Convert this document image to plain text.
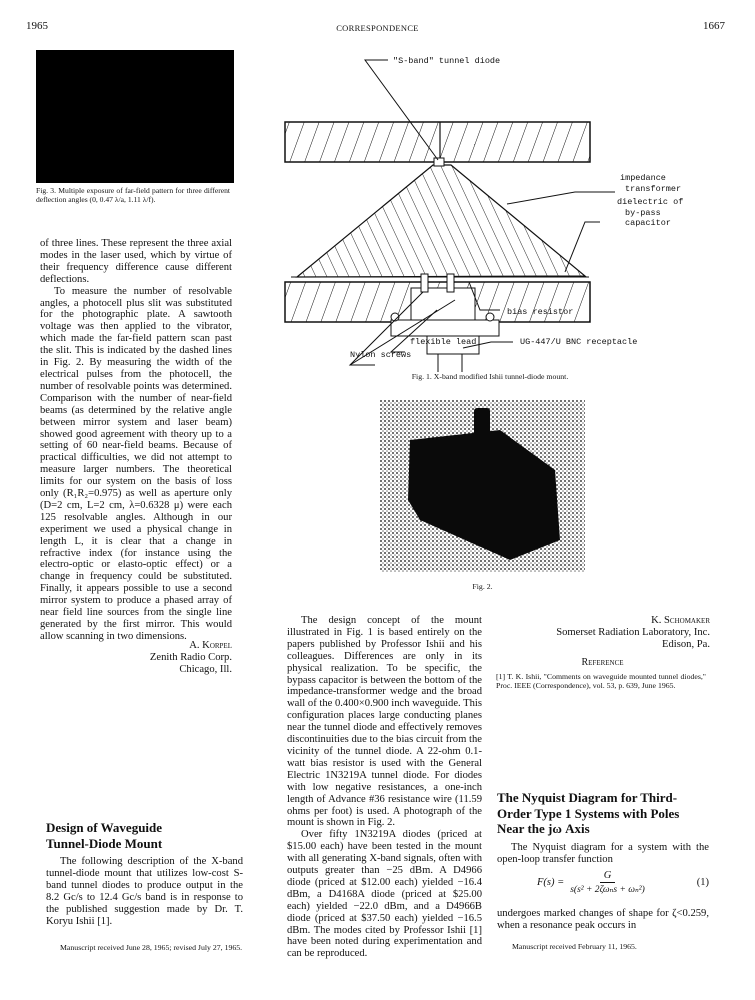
1965	CORRESPONDENCE	1667
Fig. 3. Multiple exposure of far-field pattern for three different deflection angles (0, 0.47 λ/a, 1.11 λ/f).

of three lines. These represent the three axial modes in the laser used, which by virtue of their frequency difference cause different deflections.

To measure the number of resolvable angles, a photocell plus slit was substituted for the photographic plate. A sawtooth voltage was then applied to the vibrator, which made the far-field pattern scan past the slit. This is indicated by the dashed lines in Fig. 2. By measuring the width of the electrical pulses from the photocell, the number of resolvable points was determined. Comparison with the number of near-field beams (as determined by the relative angle between mirror system and laser beam) showed good agreement with theory up to a setting of 60 near-field beams. Because of practical difficulties, we did not attempt to measure larger numbers. The theoretical limits for our system on the basis of loss only (R₁R₂=0.975) as well as aperture only (D=2 cm, L=2 cm, λ=0.6328 μ) were each 125 resolvable angles. Although in our experiment we used a physical change in length L, it is clear that a change in refractive index (for instance using the electro-optic or elasto-optic effect) or a change in frequency could be substituted. Finally, it appears possible to use a second mirror system to produce a phased array of near field line sources from the single line generated by the first mirror. This would allow scanning in two dimensions.

A. Korpel
Zenith Radio Corp.
Chicago, Ill.
Design of Waveguide
Tunnel-Diode Mount

The following description of the X-band tunnel-diode mount that utilizes low-cost S-band tunnel diodes to produce output in the 8.2 Gc/s to 12.4 Gc/s band is in response to the published suggestion made by Dr. T. Koryu Ishii [1].

Manuscript received June 28, 1965; revised July 27, 1965.
"S-band" tunnel diode
impedance
transformer
dielectric of
by-pass
capacitor
bias resistor
flexible lead	UG-447/U BNC receptacle
Nylon screws
Fig. 1. X-band modified Ishii tunnel-diode mount.
Fig. 2.

The design concept of the mount illustrated in Fig. 1 is based entirely on the papers published by Professor Ishii and his colleagues. Differences are only in its physical realization. To be specific, the bypass capacitor is between the bottom of the impedance-transformer wedge and the broad wall of the 0.400×0.900 inch waveguide. This configuration places large conducting planes near the tunnel diode and effectively removes discontinuities due to the bias circuit from the vicinity of the tunnel diode. A 22-ohm 0.1-watt bias resistor is used with the General Electric 1N3219A tunnel diode. For diodes with low negative resistances, a one-inch length of Advance #36 resistance wire (11.59 ohms per foot) is used. A photograph of the mount is shown in Fig. 2.

Over fifty 1N3219A diodes (priced at $15.00 each) have been tested in the mount with all generating X-band signals, often with outputs greater than −25 dBm. A D4966 diode (priced at $12.00 each) yielded −16.4 dBm, a D4168A diode (priced at $25.00 each) yielded −22.0 dBm, and a D4966B diode (priced at $37.50 each) yielded −16.5 dBm. The modes cited by Professor Ishii [1] have been noted during experimentation and can be reproduced.

K. Schomaker
Somerset Radiation Laboratory, Inc.
Edison, Pa.
Reference
[1] T. K. Ishii, "Comments on waveguide mounted tunnel diodes," Proc. IEEE (Correspondence), vol. 53, p. 639, June 1965.
The Nyquist Diagram for Third-
Order Type 1 Systems with Poles
Near the jω Axis

The Nyquist diagram for a system with the open-loop transfer function

$F(s) = \frac{G}{\text{s(s² + 2ζωₙs + ωₙ²)}}$	(1)

undergoes marked changes of shape for ζ<0.259, when a resonance peak occurs in

Manuscript received February 11, 1965.
